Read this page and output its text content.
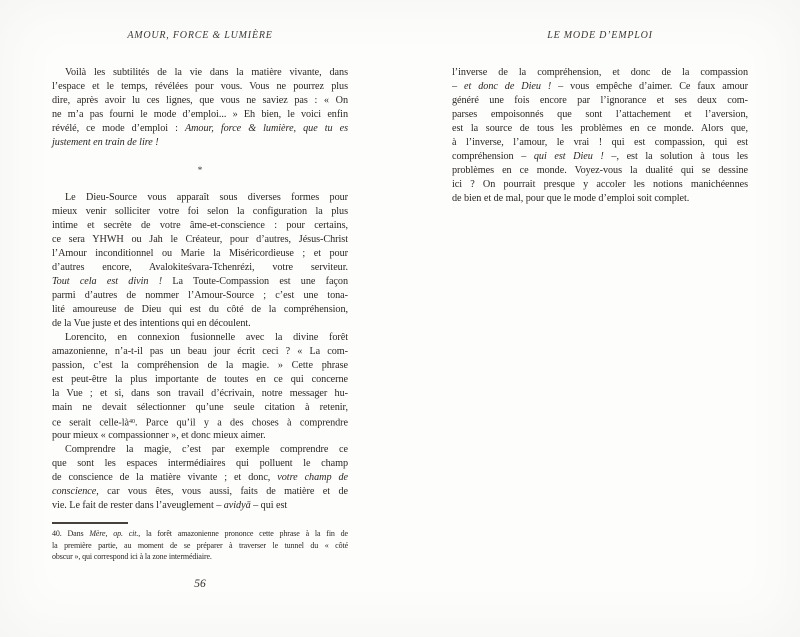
AMOUR, FORCE & LUMIÈRE
Voilà les subtilités de la vie dans la matière vivante, dans
l’espace et le temps, révélées pour vous. Vous ne pourrez plus
dire, après avoir lu ces lignes, que vous ne saviez pas : « On
ne m’a pas fourni le mode d’emploi... » Eh bien, le voici enfin
révélé, ce mode d’emploi : Amour, force & lumière, que tu es
justement en train de lire !
*
Le Dieu-Source vous apparaît sous diverses formes pour
mieux venir solliciter votre foi selon la configuration la plus
intime et secrète de votre âme-et-conscience : pour certains,
ce sera YHWH ou Jah le Créateur, pour d’autres, Jésus-Christ
l’Amour inconditionnel ou Marie la Miséricordieuse ; et pour
d’autres encore, Avalokiteśvara-Tchenrézi, votre serviteur.
Tout cela est divin ! La Toute-Compassion est une façon
parmi d’autres de nommer l’Amour-Source ; c’est une tona-
lité amoureuse de Dieu qui est du côté de la compréhension,
de la Vue juste et des intentions qui en découlent.
Lorencito, en connexion fusionnelle avec la divine forêt
amazonienne, n’a-t-il pas un beau jour écrit ceci ? « La com-
passion, c’est la compréhension de la magie. » Cette phrase
est peut-être la plus importante de toutes en ce qui concerne
la Vue ; et si, dans son travail d’écrivain, notre messager hu-
main ne devait sélectionner qu’une seule citation à retenir,
ce serait celle-$là^{40}$. Parce qu’il y a des choses à comprendre
pour mieux « compassionner », et donc mieux aimer.
Comprendre la magie, c’est par exemple comprendre ce
que sont les espaces intermédiaires qui polluent le champ
de conscience de la matière vivante ; et donc, votre champ de
conscience, car vous êtes, vous aussi, faits de matière et de
vie. Le fait de rester dans l’aveuglement – avidyā – qui est
40. Dans Mère, op. cit., la forêt amazonienne prononce cette phrase à la fin de
la première partie, au moment de se préparer à traverser le tunnel du « côté
obscur », qui correspond ici à la zone intermédiaire.
56
LE MODE D’EMPLOI
l’inverse de la compréhension, et donc de la compassion
– et donc de Dieu ! – vous empêche d’aimer. Ce faux amour
généré une fois encore par l’ignorance et ses deux com-
parses empoisonnés que sont l’attachement et l’aversion,
est la source de tous les problèmes en ce monde. Alors que,
à l’inverse, l’amour, le vrai ! qui est compassion, qui est
compréhension – qui est Dieu ! –, est la solution à tous les
problèmes en ce monde. Voyez-vous la dualité qui se dessine
ici ? On pourrait presque y accoler les notions manichéennes
de bien et de mal, pour que le mode d’emploi soit complet.
